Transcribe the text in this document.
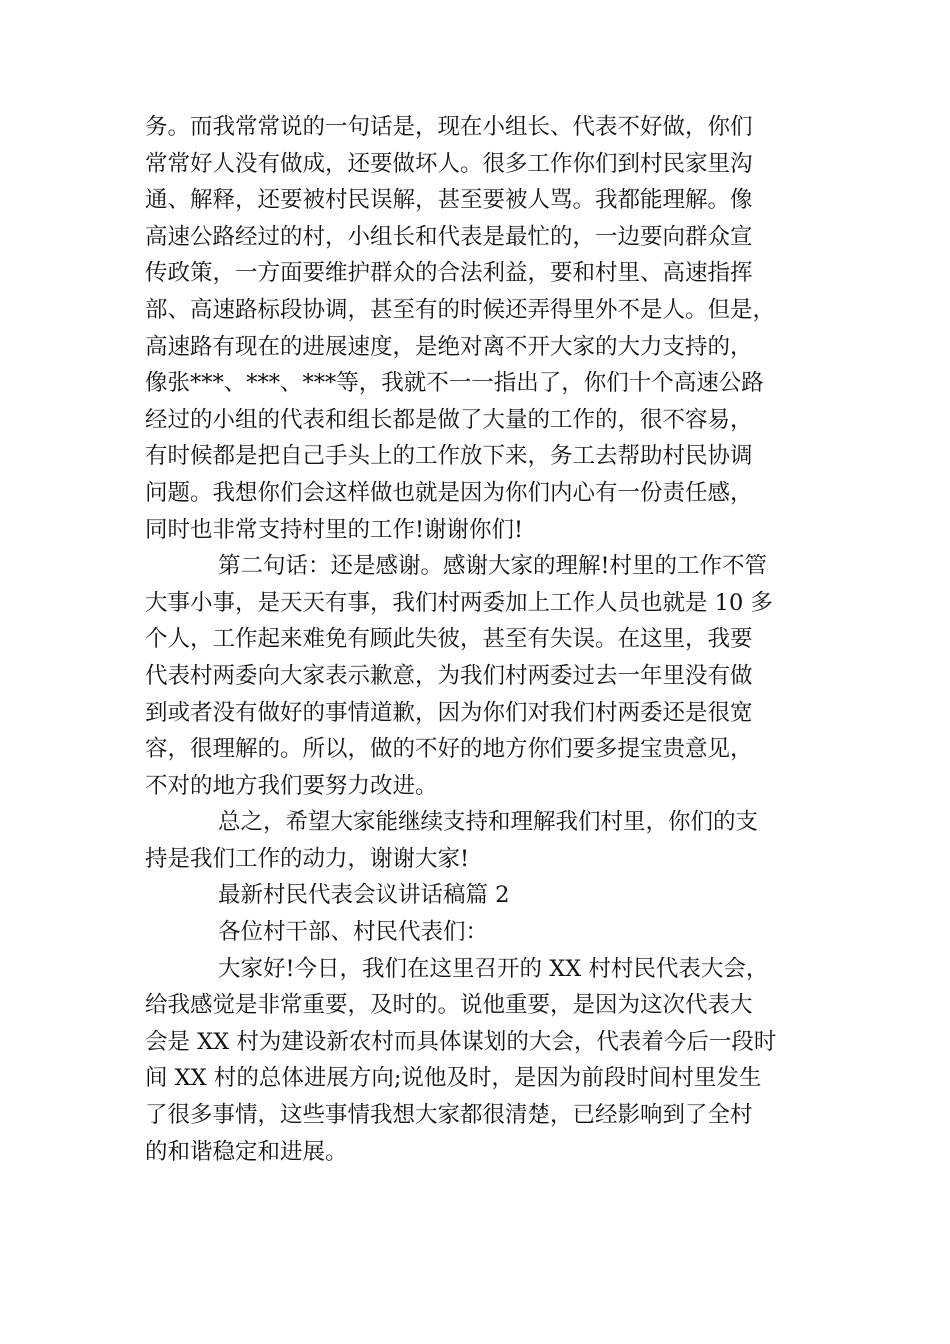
务。而我常常说的一句话是，现在小组长、代表不好做，你们
常常好人没有做成，还要做坏人。很多工作你们到村民家里沟
通、解释，还要被村民误解，甚至要被人骂。我都能理解。像
高速公路经过的村，小组长和代表是最忙的，一边要向群众宣
传政策，一方面要维护群众的合法利益，要和村里、高速指挥
部、高速路标段协调，甚至有的时候还弄得里外不是人。但是，
高速路有现在的进展速度，是绝对离不开大家的大力支持的，
像张***、***、***等，我就不一一指出了，你们十个高速公路
经过的小组的代表和组长都是做了大量的工作的，很不容易，
有时候都是把自己手头上的工作放下来，务工去帮助村民协调
问题。我想你们会这样做也就是因为你们内心有一份责任感，
同时也非常支持村里的工作!谢谢你们!
第二句话：还是感谢。感谢大家的理解!村里的工作不管
大事小事，是天天有事，我们村两委加上工作人员也就是 10 多
个人，工作起来难免有顾此失彼，甚至有失误。在这里，我要
代表村两委向大家表示歉意，为我们村两委过去一年里没有做
到或者没有做好的事情道歉，因为你们对我们村两委还是很宽
容，很理解的。所以，做的不好的地方你们要多提宝贵意见，
不对的地方我们要努力改进。
总之，希望大家能继续支持和理解我们村里，你们的支
持是我们工作的动力，谢谢大家!
最新村民代表会议讲话稿篇 2
各位村干部、村民代表们：
大家好!今日，我们在这里召开的 XX 村村民代表大会，
给我感觉是非常重要，及时的。说他重要，是因为这次代表大
会是 XX 村为建设新农村而具体谋划的大会，代表着今后一段时
间 XX 村的总体进展方向;说他及时，是因为前段时间村里发生
了很多事情，这些事情我想大家都很清楚，已经影响到了全村
的和谐稳定和进展。
